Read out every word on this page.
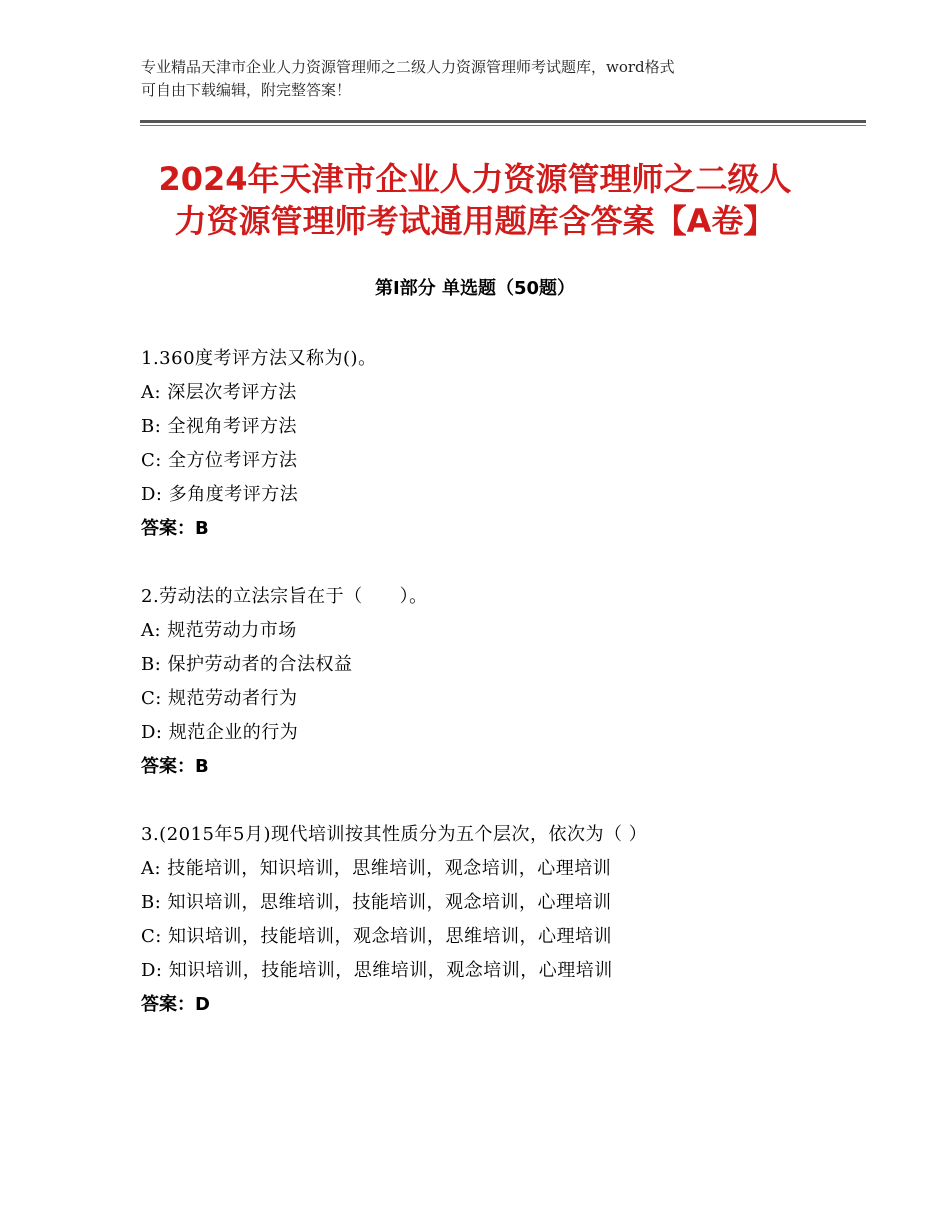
专业精品天津市企业人力资源管理师之二级人力资源管理师考试题库，word格式

可自由下载编辑，附完整答案！

2024年天津市企业人力资源管理师之二级人
力资源管理师考试通用题库含答案【A卷】
第Ⅰ部分 单选题（50题）
1.360度考评方法又称为()。
A: 深层次考评方法
B: 全视角考评方法
C: 全方位考评方法
D: 多角度考评方法
答案：B
2.劳动法的立法宗旨在于（　　）。
A: 规范劳动力市场
B: 保护劳动者的合法权益
C: 规范劳动者行为
D: 规范企业的行为
答案：B
3.(2015年5月)现代培训按其性质分为五个层次，依次为（ ）
A: 技能培训，知识培训，思维培训，观念培训，心理培训
B: 知识培训，思维培训，技能培训，观念培训，心理培训
C: 知识培训，技能培训，观念培训，思维培训，心理培训
D: 知识培训，技能培训，思维培训，观念培训，心理培训
答案：D
